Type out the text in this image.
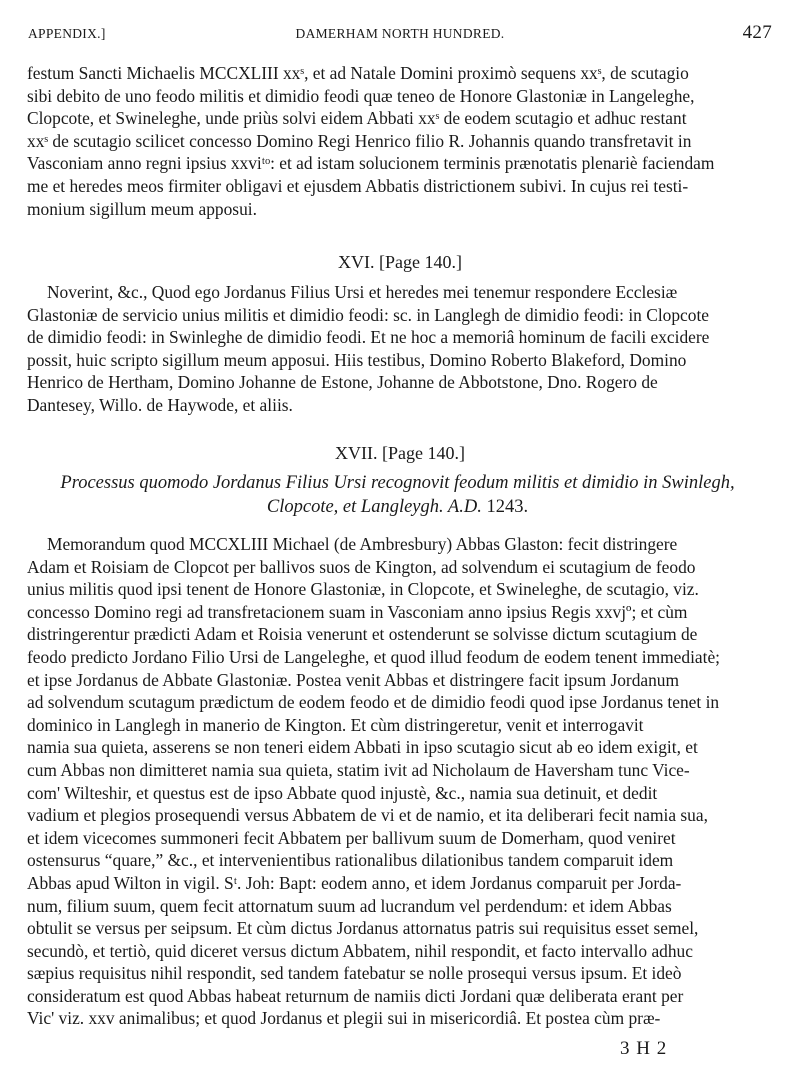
APPENDIX.]	DAMERHAM NORTH HUNDRED.	427

festum Sancti Michaelis MCCXLIII xxˢ, et ad Natale Domini proximò sequens xxˢ, de scutagio

sibi debito de uno feodo militis et dimidio feodi quæ teneo de Honore Glastoniæ in Langeleghe,

Clopcote, et Swineleghe, unde priùs solvi eidem Abbati xxˢ de eodem scutagio et adhuc restant

xxˢ de scutagio scilicet concesso Domino Regi Henrico filio R. Johannis quando transfretavit in

Vasconiam anno regni ipsius xxviᵗᵒ: et ad istam solucionem terminis prænotatis plenariè faciendam

me et heredes meos firmiter obligavi et ejusdem Abbatis districtionem subivi. In cujus rei testi-

monium sigillum meum apposui.

XVI. [Page 140.]

Noverint, &c., Quod ego Jordanus Filius Ursi et heredes mei tenemur respondere Ecclesiæ

Glastoniæ de servicio unius militis et dimidio feodi: sc. in Langlegh de dimidio feodi: in Clopcote

de dimidio feodi: in Swinleghe de dimidio feodi. Et ne hoc a memoriâ hominum de facili excidere

possit, huic scripto sigillum meum apposui. Hiis testibus, Domino Roberto Blakeford, Domino

Henrico de Hertham, Domino Johanne de Estone, Johanne de Abbotstone, Dno. Rogero de

Dantesey, Willo. de Haywode, et aliis.

XVII. [Page 140.]
Processus quomodo Jordanus Filius Ursi recognovit feodum militis et dimidio in Swinlegh,
Clopcote, et Langleygh. A.D. 1243.

Memorandum quod MCCXLIII Michael (de Ambresbury) Abbas Glaston: fecit distringere

Adam et Roisiam de Clopcot per ballivos suos de Kington, ad solvendum ei scutagium de feodo

unius militis quod ipsi tenent de Honore Glastoniæ, in Clopcote, et Swineleghe, de scutagio, viz.

concesso Domino regi ad transfretacionem suam in Vasconiam anno ipsius Regis xxvjº; et cùm

distringerentur prædicti Adam et Roisia venerunt et ostenderunt se solvisse dictum scutagium de

feodo predicto Jordano Filio Ursi de Langeleghe, et quod illud feodum de eodem tenent immediatè;

et ipse Jordanus de Abbate Glastoniæ. Postea venit Abbas et distringere facit ipsum Jordanum

ad solvendum scutagum prædictum de eodem feodo et de dimidio feodi quod ipse Jordanus tenet in

dominico in Langlegh in manerio de Kington. Et cùm distringeretur, venit et interrogavit

namia sua quieta, asserens se non teneri eidem Abbati in ipso scutagio sicut ab eo idem exigit, et

cum Abbas non dimitteret namia sua quieta, statim ivit ad Nicholaum de Haversham tunc Vice-

com' Wilteshir, et questus est de ipso Abbate quod injustè, &c., namia sua detinuit, et dedit

vadium et plegios prosequendi versus Abbatem de vi et de namio, et ita deliberari fecit namia sua,

et idem vicecomes summoneri fecit Abbatem per ballivum suum de Domerham, quod veniret

ostensurus “quare,” &c., et intervenientibus rationalibus dilationibus tandem comparuit idem

Abbas apud Wilton in vigil. Sᵗ. Joh: Bapt: eodem anno, et idem Jordanus comparuit per Jorda-

num, filium suum, quem fecit attornatum suum ad lucrandum vel perdendum: et idem Abbas

obtulit se versus per seipsum. Et cùm dictus Jordanus attornatus patris sui requisitus esset semel,

secundò, et tertiò, quid diceret versus dictum Abbatem, nihil respondit, et facto intervallo adhuc

sæpius requisitus nihil respondit, sed tandem fatebatur se nolle prosequi versus ipsum. Et ideò

consideratum est quod Abbas habeat returnum de namiis dicti Jordani quæ deliberata erant per

Vic' viz. xxv animalibus; et quod Jordanus et plegii sui in misericordiâ. Et postea cùm præ-

3 H 2
